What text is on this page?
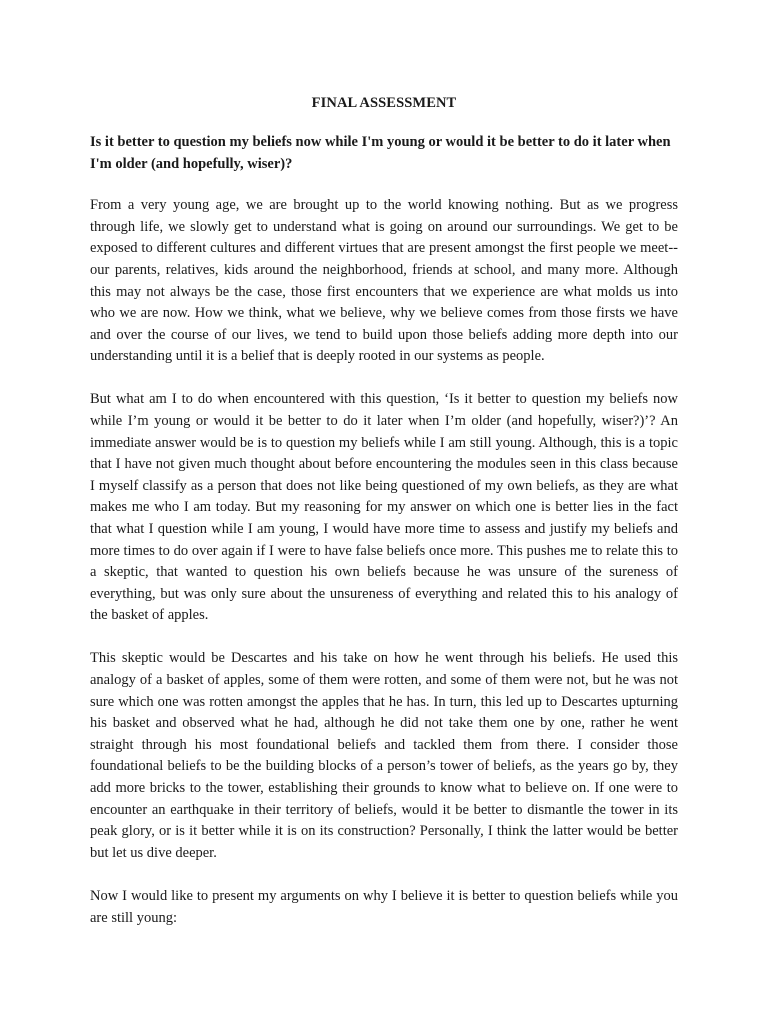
FINAL ASSESSMENT
Is it better to question my beliefs now while I'm young or would it be better to do it later when I'm older (and hopefully, wiser)?

From a very young age, we are brought up to the world knowing nothing. But as we progress through life, we slowly get to understand what is going on around our surroundings. We get to be exposed to different cultures and different virtues that are present amongst the first people we meet-- our parents, relatives, kids around the neighborhood, friends at school, and many more. Although this may not always be the case, those first encounters that we experience are what molds us into who we are now. How we think, what we believe, why we believe comes from those firsts we have and over the course of our lives, we tend to build upon those beliefs adding more depth into our understanding until it is a belief that is deeply rooted in our systems as people.

But what am I to do when encountered with this question, ‘Is it better to question my beliefs now while I’m young or would it be better to do it later when I’m older (and hopefully, wiser?)’? An immediate answer would be is to question my beliefs while I am still young. Although, this is a topic that I have not given much thought about before encountering the modules seen in this class because I myself classify as a person that does not like being questioned of my own beliefs, as they are what makes me who I am today. But my reasoning for my answer on which one is better lies in the fact that what I question while I am young, I would have more time to assess and justify my beliefs and more times to do over again if I were to have false beliefs once more. This pushes me to relate this to a skeptic, that wanted to question his own beliefs because he was unsure of the sureness of everything, but was only sure about the unsureness of everything and related this to his analogy of the basket of apples.

This skeptic would be Descartes and his take on how he went through his beliefs. He used this analogy of a basket of apples, some of them were rotten, and some of them were not, but he was not sure which one was rotten amongst the apples that he has. In turn, this led up to Descartes upturning his basket and observed what he had, although he did not take them one by one, rather he went straight through his most foundational beliefs and tackled them from there. I consider those foundational beliefs to be the building blocks of a person’s tower of beliefs, as the years go by, they add more bricks to the tower, establishing their grounds to know what to believe on. If one were to encounter an earthquake in their territory of beliefs, would it be better to dismantle the tower in its peak glory, or is it better while it is on its construction? Personally, I think the latter would be better but let us dive deeper.

Now I would like to present my arguments on why I believe it is better to question beliefs while you are still young:
